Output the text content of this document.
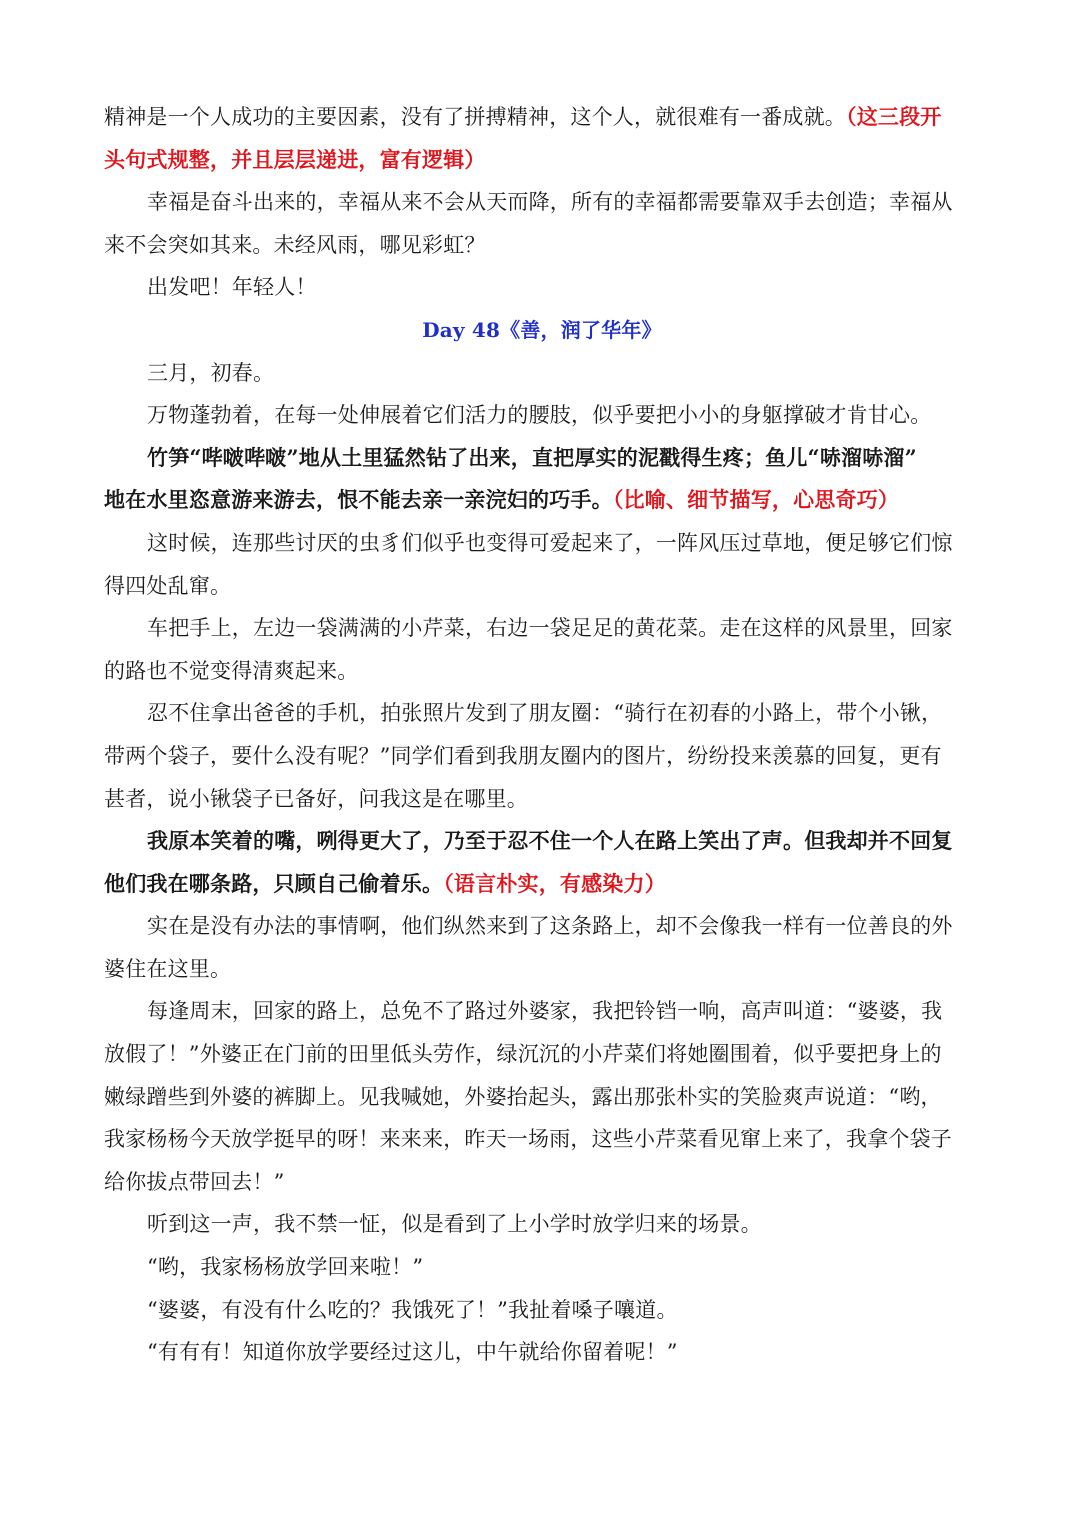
精神是一个人成功的主要因素，没有了拼搏精神，这个人，就很难有一番成就。（这三段开
头句式规整，并且层层递进，富有逻辑）
幸福是奋斗出来的，幸福从来不会从天而降，所有的幸福都需要靠双手去创造；幸福从
来不会突如其来。未经风雨，哪见彩虹？
出发吧！年轻人！
Day 48《善，润了华年》
三月，初春。
万物蓬勃着，在每一处伸展着它们活力的腰肢，似乎要把小小的身躯撑破才肯甘心。
竹笋“哔啵哔啵”地从土里猛然钻了出来，直把厚实的泥戳得生疼；鱼儿“哧溜哧溜”
地在水里恣意游来游去，恨不能去亲一亲浣妇的巧手。（比喻、细节描写，心思奇巧）
这时候，连那些讨厌的虫豸们似乎也变得可爱起来了，一阵风压过草地，便足够它们惊
得四处乱窜。
车把手上，左边一袋满满的小芹菜，右边一袋足足的黄花菜。走在这样的风景里，回家
的路也不觉变得清爽起来。
忍不住拿出爸爸的手机，拍张照片发到了朋友圈：“骑行在初春的小路上，带个小锹，
带两个袋子，要什么没有呢？”同学们看到我朋友圈内的图片，纷纷投来羡慕的回复，更有
甚者，说小锹袋子已备好，问我这是在哪里。
我原本笑着的嘴，咧得更大了，乃至于忍不住一个人在路上笑出了声。但我却并不回复
他们我在哪条路，只顾自己偷着乐。（语言朴实，有感染力）
实在是没有办法的事情啊，他们纵然来到了这条路上，却不会像我一样有一位善良的外
婆住在这里。
每逢周末，回家的路上，总免不了路过外婆家，我把铃铛一响，高声叫道：“婆婆，我
放假了！”外婆正在门前的田里低头劳作，绿沉沉的小芹菜们将她圈围着，似乎要把身上的
嫩绿蹭些到外婆的裤脚上。见我喊她，外婆抬起头，露出那张朴实的笑脸爽声说道：“哟，
我家杨杨今天放学挺早的呀！来来来，昨天一场雨，这些小芹菜看见窜上来了，我拿个袋子
给你拔点带回去！”
听到这一声，我不禁一怔，似是看到了上小学时放学归来的场景。
“哟，我家杨杨放学回来啦！”
“婆婆，有没有什么吃的？我饿死了！”我扯着嗓子嚷道。
“有有有！知道你放学要经过这儿，中午就给你留着呢！”
